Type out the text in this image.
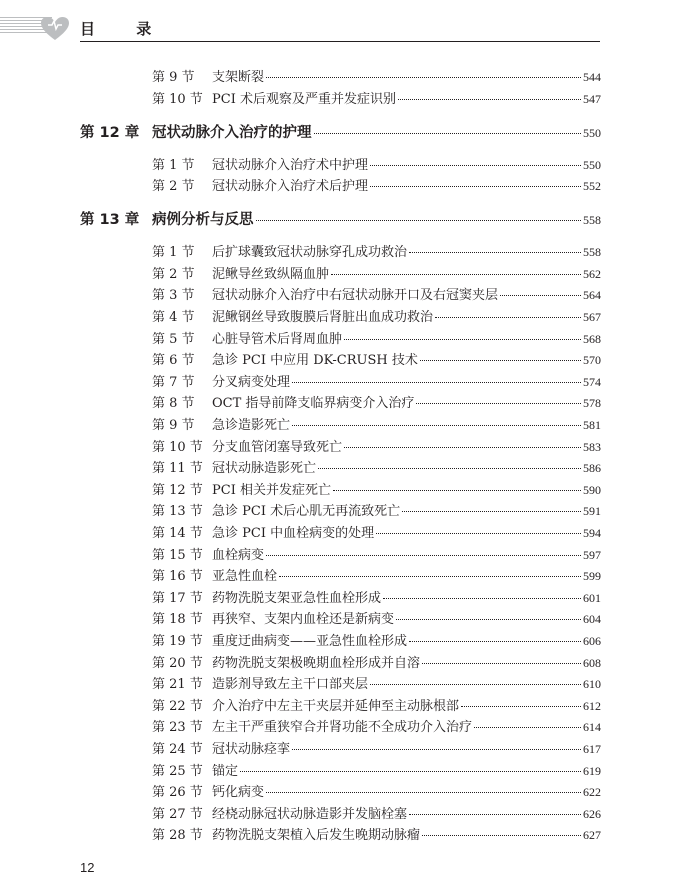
目 录
第 9 节	支架断裂	544
第 10 节 PCI 术后观察及严重并发症识别	547
第 12 章 冠状动脉介入治疗的护理	550
第 1 节	冠状动脉介入治疗术中护理	550
第 2 节	冠状动脉介入治疗术后护理	552
第 13 章 病例分析与反思	558
第 1 节	后扩球囊致冠状动脉穿孔成功救治	558
第 2 节	泥鳅导丝致纵隔血肿	562
第 3 节	冠状动脉介入治疗中右冠状动脉开口及右冠窦夹层	564
第 4 节	泥鳅钢丝导致腹膜后肾脏出血成功救治	567
第 5 节	心脏导管术后肾周血肿	568
第 6 节	急诊 PCI 中应用 DK-CRUSH 技术	570
第 7 节	分叉病变处理	574
第 8 节	OCT 指导前降支临界病变介入治疗	578
第 9 节	急诊造影死亡	581
第 10 节 分支血管闭塞导致死亡	583
第 11 节 冠状动脉造影死亡	586
第 12 节 PCI 相关并发症死亡	590
第 13 节 急诊 PCI 术后心肌无再流致死亡	591
第 14 节 急诊 PCI 中血栓病变的处理	594
第 15 节 血栓病变	597
第 16 节 亚急性血栓	599
第 17 节 药物洗脱支架亚急性血栓形成	601
第 18 节 再狭窄、支架内血栓还是新病变	604
第 19 节 重度迂曲病变——亚急性血栓形成	606
第 20 节 药物洗脱支架极晚期血栓形成并自溶	608
第 21 节 造影剂导致左主干口部夹层	610
第 22 节 介入治疗中左主干夹层并延伸至主动脉根部	612
第 23 节 左主干严重狭窄合并肾功能不全成功介入治疗	614
第 24 节 冠状动脉痉挛	617
第 25 节 锚定	619
第 26 节 钙化病变	622
第 27 节 经桡动脉冠状动脉造影并发脑栓塞	626
第 28 节 药物洗脱支架植入后发生晚期动脉瘤	627
12
